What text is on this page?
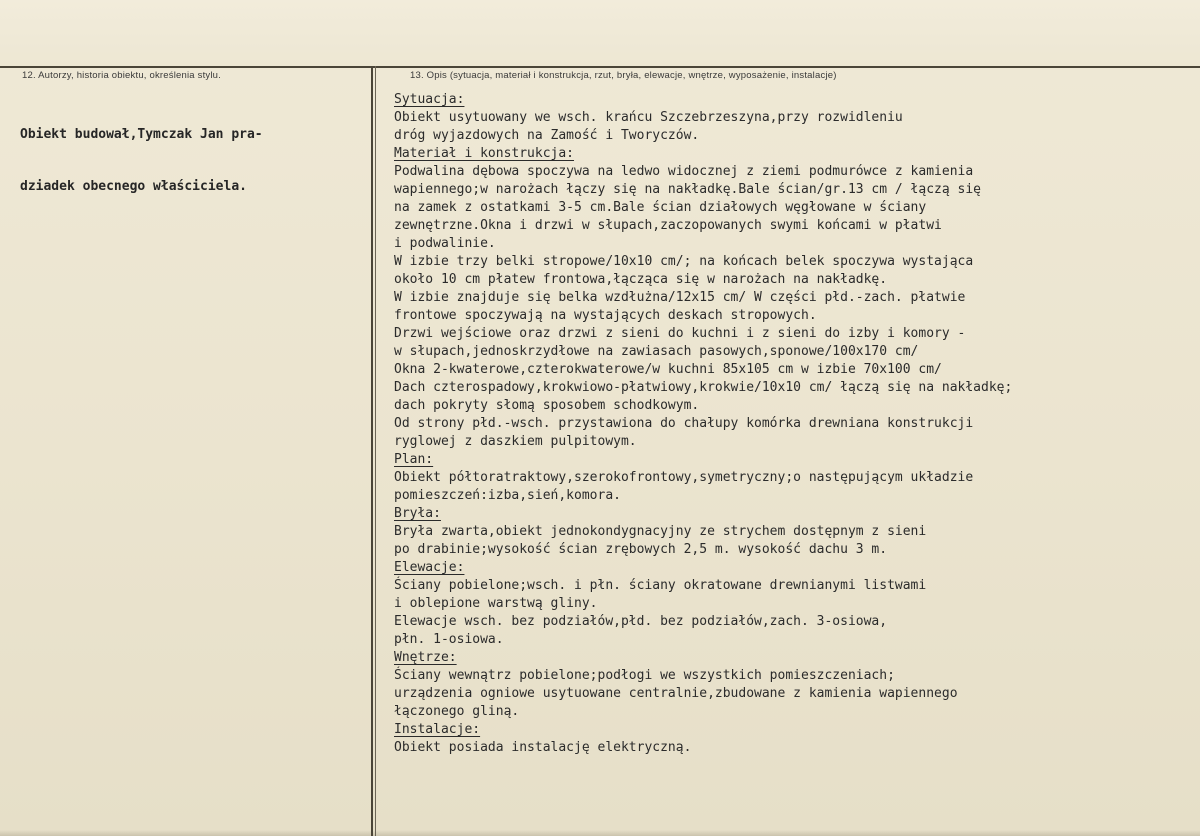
12. Autorzy, historia obiektu, określenia stylu.	13. Opis (sytuacja, materiał i konstrukcja, rzut, bryła, elewacje, wnętrze, wyposażenie, instalacje)

Obiekt budował,Tymczak Jan pra-

dziadek obecnego właściciela.

Sytuacja:
Obiekt usytuowany we wsch. krańcu Szczebrzeszyna,przy rozwidleniu
dróg wyjazdowych na Zamość i Tworyczów.
Materiał i konstrukcja:
Podwalina dębowa spoczywa na ledwo widocznej z ziemi podmurówce z kamienia
wapiennego;w narożach łączy się na nakładkę.Bale ścian/gr.13 cm / łączą się
na zamek z ostatkami 3-5 cm.Bale ścian działowych węgłowane w ściany
zewnętrzne.Okna i drzwi w słupach,zaczopowanych swymi końcami w płatwi
i podwalinie.
W izbie trzy belki stropowe/10x10 cm/; na końcach belek spoczywa wystająca
około 10 cm płatew frontowa,łącząca się w narożach na nakładkę.
W izbie znajduje się belka wzdłużna/12x15 cm/ W części płd.-zach. płatwie
frontowe spoczywają na wystających deskach stropowych.
Drzwi wejściowe oraz drzwi z sieni do kuchni i z sieni do izby i komory -
w słupach,jednoskrzydłowe na zawiasach pasowych,sponowe/100x170 cm/
Okna 2-kwaterowe,czterokwaterowe/w kuchni 85x105 cm w izbie 70x100 cm/
Dach czterospadowy,krokwiowo-płatwiowy,krokwie/10x10 cm/ łączą się na nakładkę;
dach pokryty słomą sposobem schodkowym.
Od strony płd.-wsch. przystawiona do chałupy komórka drewniana konstrukcji
ryglowej z daszkiem pulpitowym.
Plan:
Obiekt półtoratraktowy,szerokofrontowy,symetryczny;o następującym układzie
pomieszczeń:izba,sień,komora.
Bryła:
Bryła zwarta,obiekt jednokondygnacyjny ze strychem dostępnym z sieni
po drabinie;wysokość ścian zrębowych 2,5 m. wysokość dachu 3 m.
Elewacje:
Ściany pobielone;wsch. i płn. ściany okratowane drewnianymi listwami
i oblepione warstwą gliny.
Elewacje wsch. bez podziałów,płd. bez podziałów,zach. 3-osiowa,
płn. 1-osiowa.
Wnętrze:
Ściany wewnątrz pobielone;podłogi we wszystkich pomieszczeniach;
urządzenia ogniowe usytuowane centralnie,zbudowane z kamienia wapiennego
łączonego gliną.
Instalacje:
Obiekt posiada instalację elektryczną.
